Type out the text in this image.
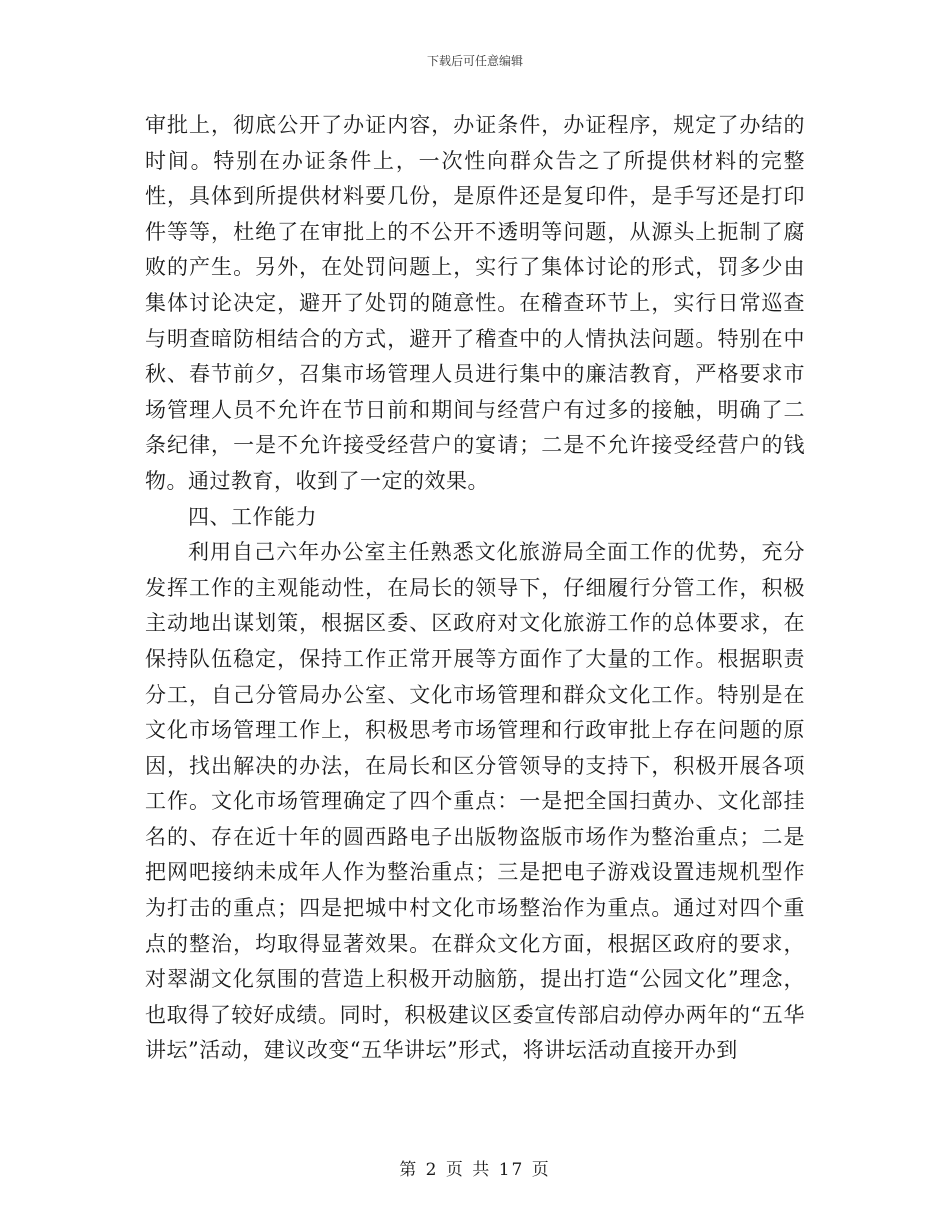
下载后可任意编辑

审批上，彻底公开了办证内容，办证条件，办证程序，规定了办结的时间。特别在办证条件上，一次性向群众告之了所提供材料的完整性，具体到所提供材料要几份，是原件还是复印件，是手写还是打印件等等，杜绝了在审批上的不公开不透明等问题，从源头上扼制了腐败的产生。另外，在处罚问题上，实行了集体讨论的形式，罚多少由集体讨论决定，避开了处罚的随意性。在稽查环节上，实行日常巡查与明查暗防相结合的方式，避开了稽查中的人情执法问题。特别在中秋、春节前夕，召集市场管理人员进行集中的廉洁教育，严格要求市场管理人员不允许在节日前和期间与经营户有过多的接触，明确了二条纪律，一是不允许接受经营户的宴请；二是不允许接受经营户的钱物。通过教育，收到了一定的效果。

四、工作能力

利用自己六年办公室主任熟悉文化旅游局全面工作的优势，充分发挥工作的主观能动性，在局长的领导下，仔细履行分管工作，积极主动地出谋划策，根据区委、区政府对文化旅游工作的总体要求，在保持队伍稳定，保持工作正常开展等方面作了大量的工作。根据职责分工，自己分管局办公室、文化市场管理和群众文化工作。特别是在文化市场管理工作上，积极思考市场管理和行政审批上存在问题的原因，找出解决的办法，在局长和区分管领导的支持下，积极开展各项工作。文化市场管理确定了四个重点：一是把全国扫黄办、文化部挂名的、存在近十年的圆西路电子出版物盗版市场作为整治重点；二是把网吧接纳未成年人作为整治重点；三是把电子游戏设置违规机型作为打击的重点；四是把城中村文化市场整治作为重点。通过对四个重点的整治，均取得显著效果。在群众文化方面，根据区政府的要求，对翠湖文化氛围的营造上积极开动脑筋，提出打造“公园文化”理念，也取得了较好成绩。同时，积极建议区委宣传部启动停办两年的“五华讲坛”活动，建议改变“五华讲坛”形式，将讲坛活动直接开办到

第 2 页 共 17 页
